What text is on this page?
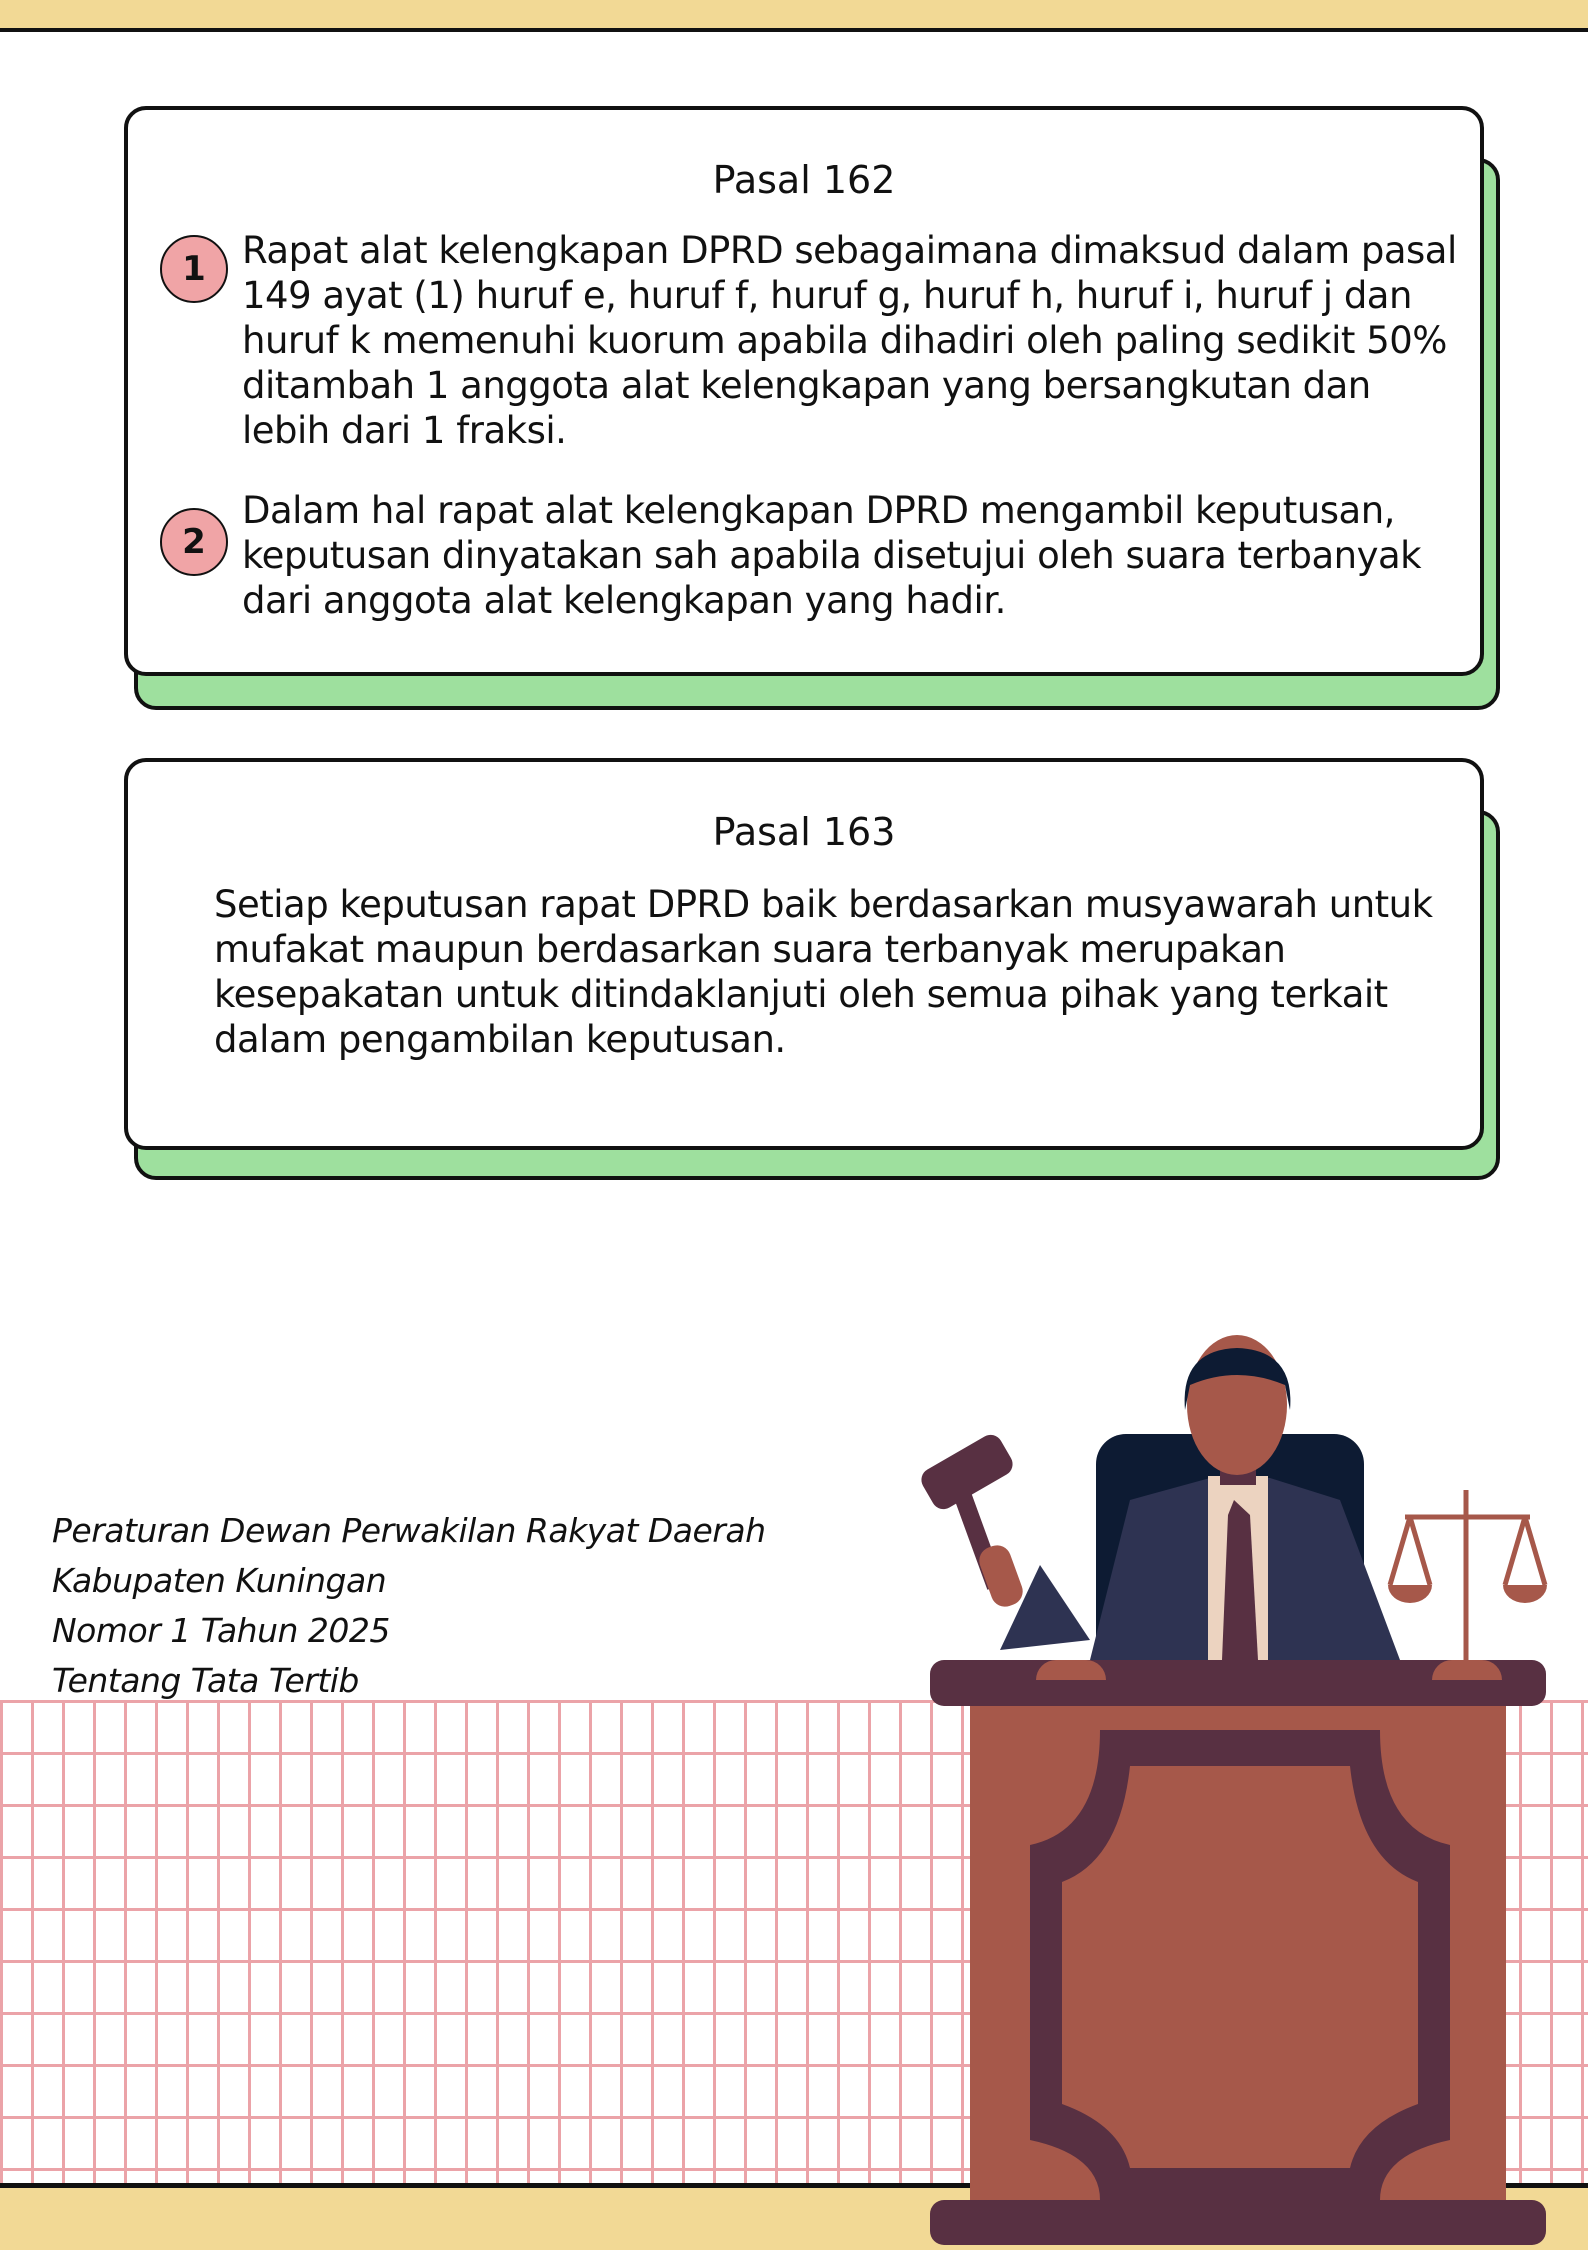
Pasal 162
1 Rapat alat kelengkapan DPRD sebagaimana dimaksud dalam pasal 149 ayat (1) huruf e, huruf f, huruf g, huruf h, huruf i, huruf j dan huruf k memenuhi kuorum apabila dihadiri oleh paling sedikit 50% ditambah 1 anggota alat kelengkapan yang bersangkutan dan lebih dari 1 fraksi.
2
Dalam hal rapat alat kelengkapan DPRD mengambil keputusan, keputusan dinyatakan sah apabila disetujui oleh suara terbanyak dari anggota alat kelengkapan yang hadir.
Pasal 163
Setiap keputusan rapat DPRD baik berdasarkan musyawarah untuk mufakat maupun berdasarkan suara terbanyak merupakan kesepakatan untuk ditindaklanjuti oleh semua pihak yang terkait dalam pengambilan keputusan.
Peraturan Dewan Perwakilan Rakyat Daerah
Kabupaten Kuningan
Nomor 1 Tahun 2025
Tentang Tata Tertib
